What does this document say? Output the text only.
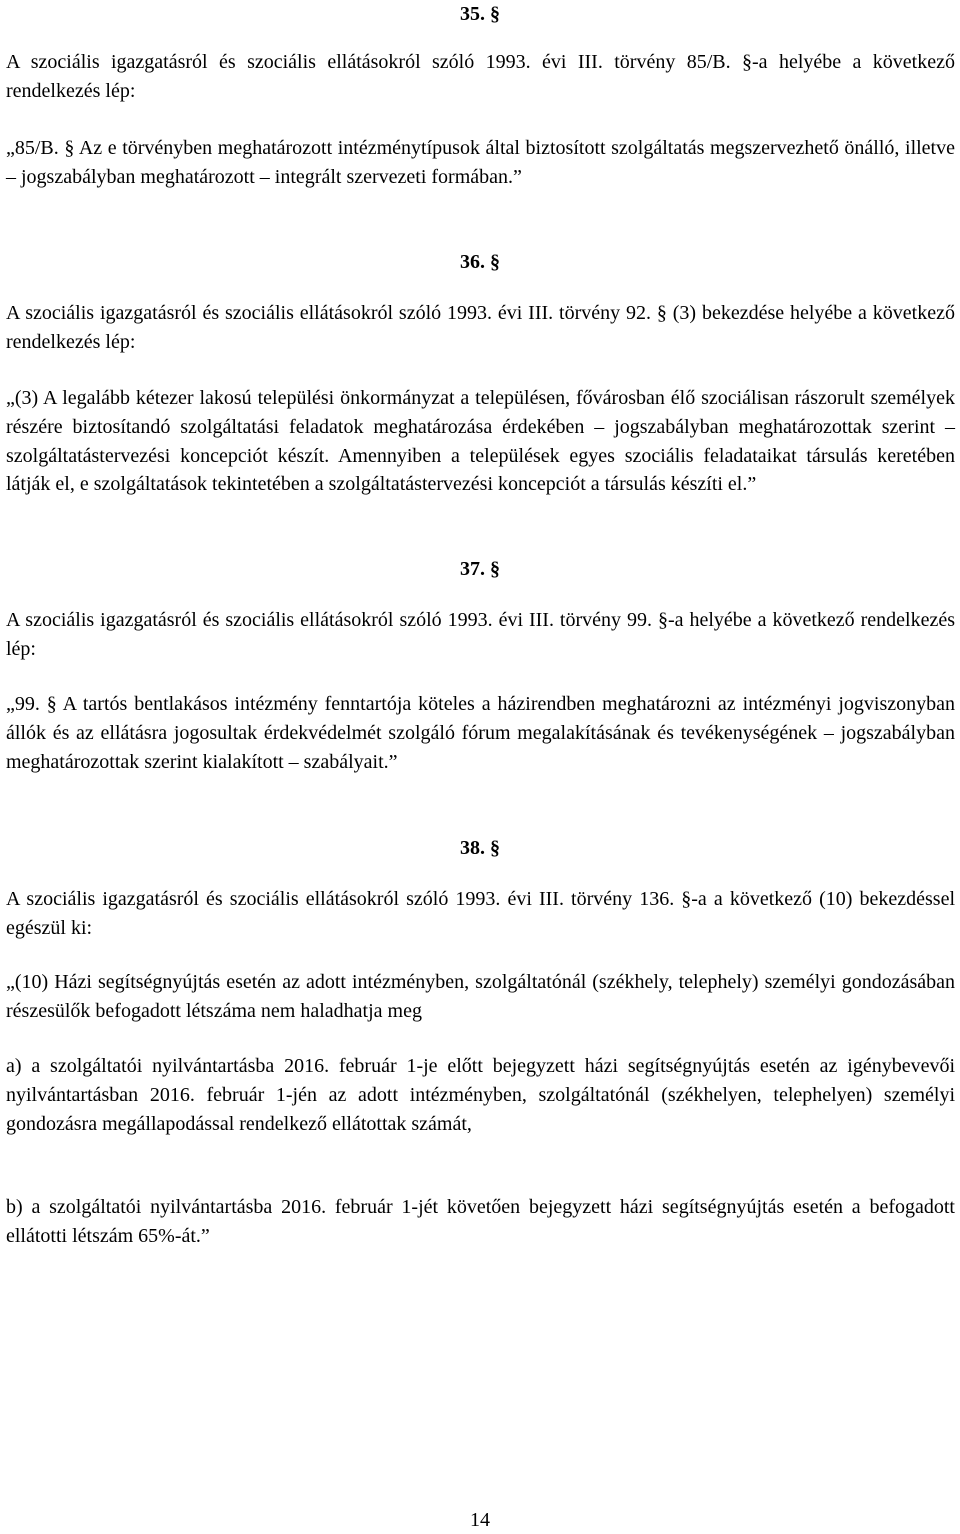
35. §

A szociális igazgatásról és szociális ellátásokról szóló 1993. évi III. törvény 85/B. §-a helyébe a következő rendelkezés lép:

„85/B. § Az e törvényben meghatározott intézménytípusok által biztosított szolgáltatás megszervezhető önálló, illetve – jogszabályban meghatározott – integrált szervezeti formában.”

36. §

A szociális igazgatásról és szociális ellátásokról szóló 1993. évi III. törvény 92. § (3) bekezdése helyébe a következő rendelkezés lép:

„(3) A legalább kétezer lakosú települési önkormányzat a településen, fővárosban élő szociálisan rászorult személyek részére biztosítandó szolgáltatási feladatok meghatározása érdekében – jogszabályban meghatározottak szerint – szolgáltatástervezési koncepciót készít. Amennyiben a települések egyes szociális feladataikat társulás keretében látják el, e szolgáltatások tekintetében a szolgáltatástervezési koncepciót a társulás készíti el.”

37. §

A szociális igazgatásról és szociális ellátásokról szóló 1993. évi III. törvény 99. §-a helyébe a következő rendelkezés lép:

„99. § A tartós bentlakásos intézmény fenntartója köteles a házirendben meghatározni az intézményi jogviszonyban állók és az ellátásra jogosultak érdekvédelmét szolgáló fórum megalakításának és tevékenységének – jogszabályban meghatározottak szerint kialakított – szabályait.”

38. §

A szociális igazgatásról és szociális ellátásokról szóló 1993. évi III. törvény 136. §-a a következő (10) bekezdéssel egészül ki:

„(10) Házi segítségnyújtás esetén az adott intézményben, szolgáltatónál (székhely, telephely) személyi gondozásában részesülők befogadott létszáma nem haladhatja meg

a) a szolgáltatói nyilvántartásba 2016. február 1-je előtt bejegyzett házi segítségnyújtás esetén az igénybevevői nyilvántartásban 2016. február 1-jén az adott intézményben, szolgáltatónál (székhelyen, telephelyen) személyi gondozásra megállapodással rendelkező ellátottak számát,

b) a szolgáltatói nyilvántartásba 2016. február 1-jét követően bejegyzett házi segítségnyújtás esetén a befogadott ellátotti létszám 65%-át.”

14
